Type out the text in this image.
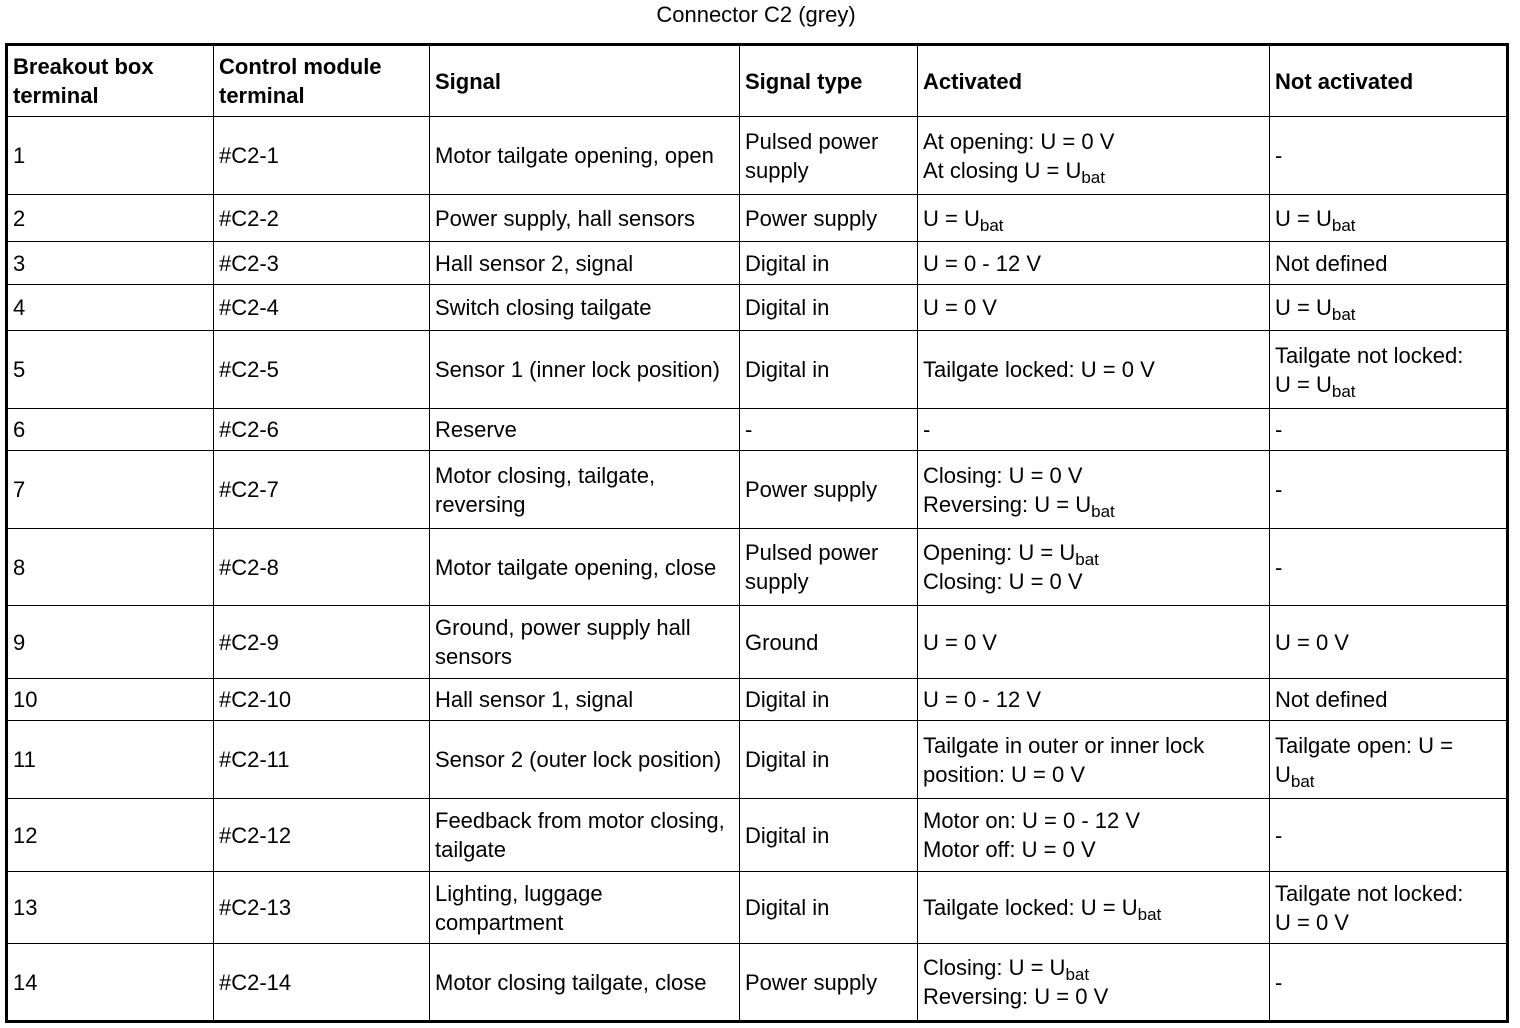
Connector C2 (grey)
Breakout box terminal	Control module terminal	Signal	Signal type	Activated	Not activated
1	#C2-1	Motor tailgate opening, open	Pulsed power supply	At opening: U = 0 V
At closing $U = U_{bat}$	-

2	#C2-2	Power supply, hall sensors	Power supply	$U = U_{bat}$	$U = U_{bat}$

3	#C2-3	Hall sensor 2, signal	Digital in	U = 0 - 12 V	Not defined

4	#C2-4	Switch closing tailgate	Digital in	U = 0 V	$U = U_{bat}$

5	#C2-5	Sensor 1 (inner lock position)	Digital in	Tailgate locked: U = 0 V	Tailgate not locked:
$U = U_{bat}$

6	#C2-6	Reserve	-	-	-

7	#C2-7	Motor closing, tailgate, reversing	Power supply	Closing: U = 0 V
Reversing: $U = U_{bat}$	-

8	#C2-8	Motor tailgate opening, close	Pulsed power supply	Opening: $U = U_{bat}$
Closing: U = 0 V	-

9	#C2-9	Ground, power supply hall sensors	Ground	U = 0 V	U = 0 V

10	#C2-10	Hall sensor 1, signal	Digital in	U = 0 - 12 V	Not defined

11	#C2-11	Sensor 2 (outer lock position)	Digital in	Tailgate in outer or inner lock
position: U = 0 V	Tailgate open: U =
$U_{bat}$

12	#C2-12	Feedback from motor closing, tailgate	Digital in	Motor on: U = 0 - 12 V
Motor off: U = 0 V	-

13	#C2-13	Lighting, luggage compartment	Digital in	Tailgate locked: $U = U_{bat}$	Tailgate not locked:
U = 0 V

14	#C2-14	Motor closing tailgate, close	Power supply	Closing: $U = U_{bat}$
Reversing: U = 0 V	-
